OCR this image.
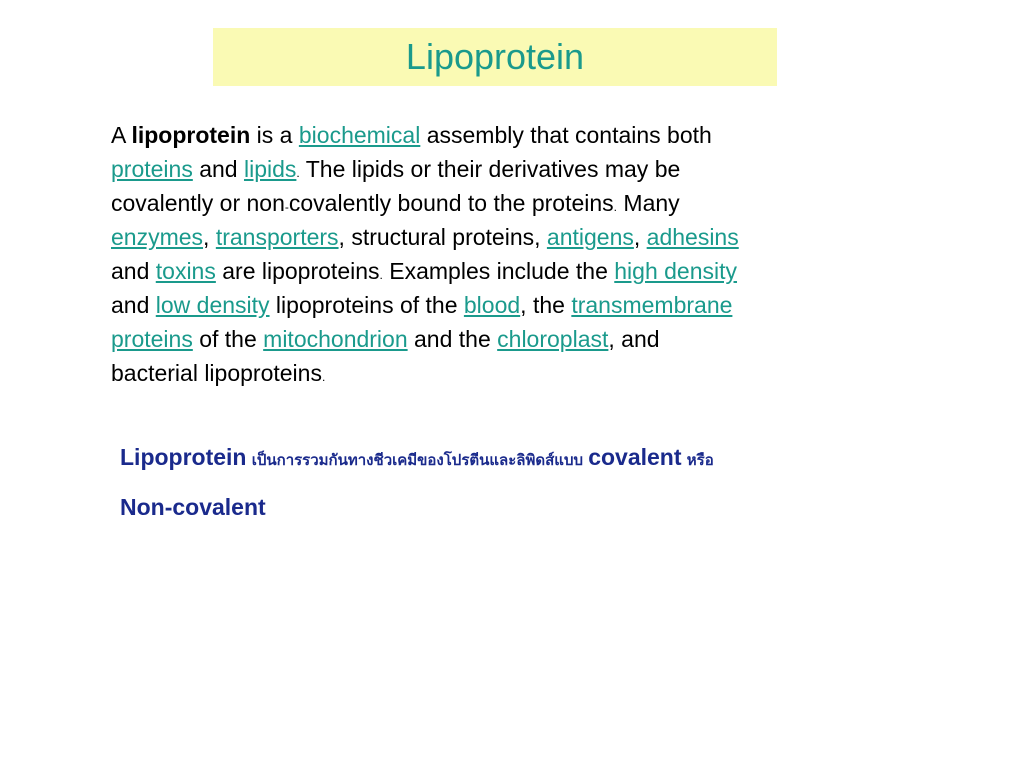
Lipoprotein
A lipoprotein is a biochemical assembly that contains both
proteins and lipids. The lipids or their derivatives may be
covalently or non-covalently bound to the proteins. Many
enzymes, transporters, structural proteins, antigens, adhesins
and toxins are lipoproteins. Examples include the high density
and low density lipoproteins of the blood, the transmembrane
proteins of the mitochondrion and the chloroplast, and
bacterial lipoproteins.
Lipoprotein เป็นการรวมกันทางชีวเคมีของโปรตีนและลิพิดส์แบบ covalent หรือ
Non-covalent
